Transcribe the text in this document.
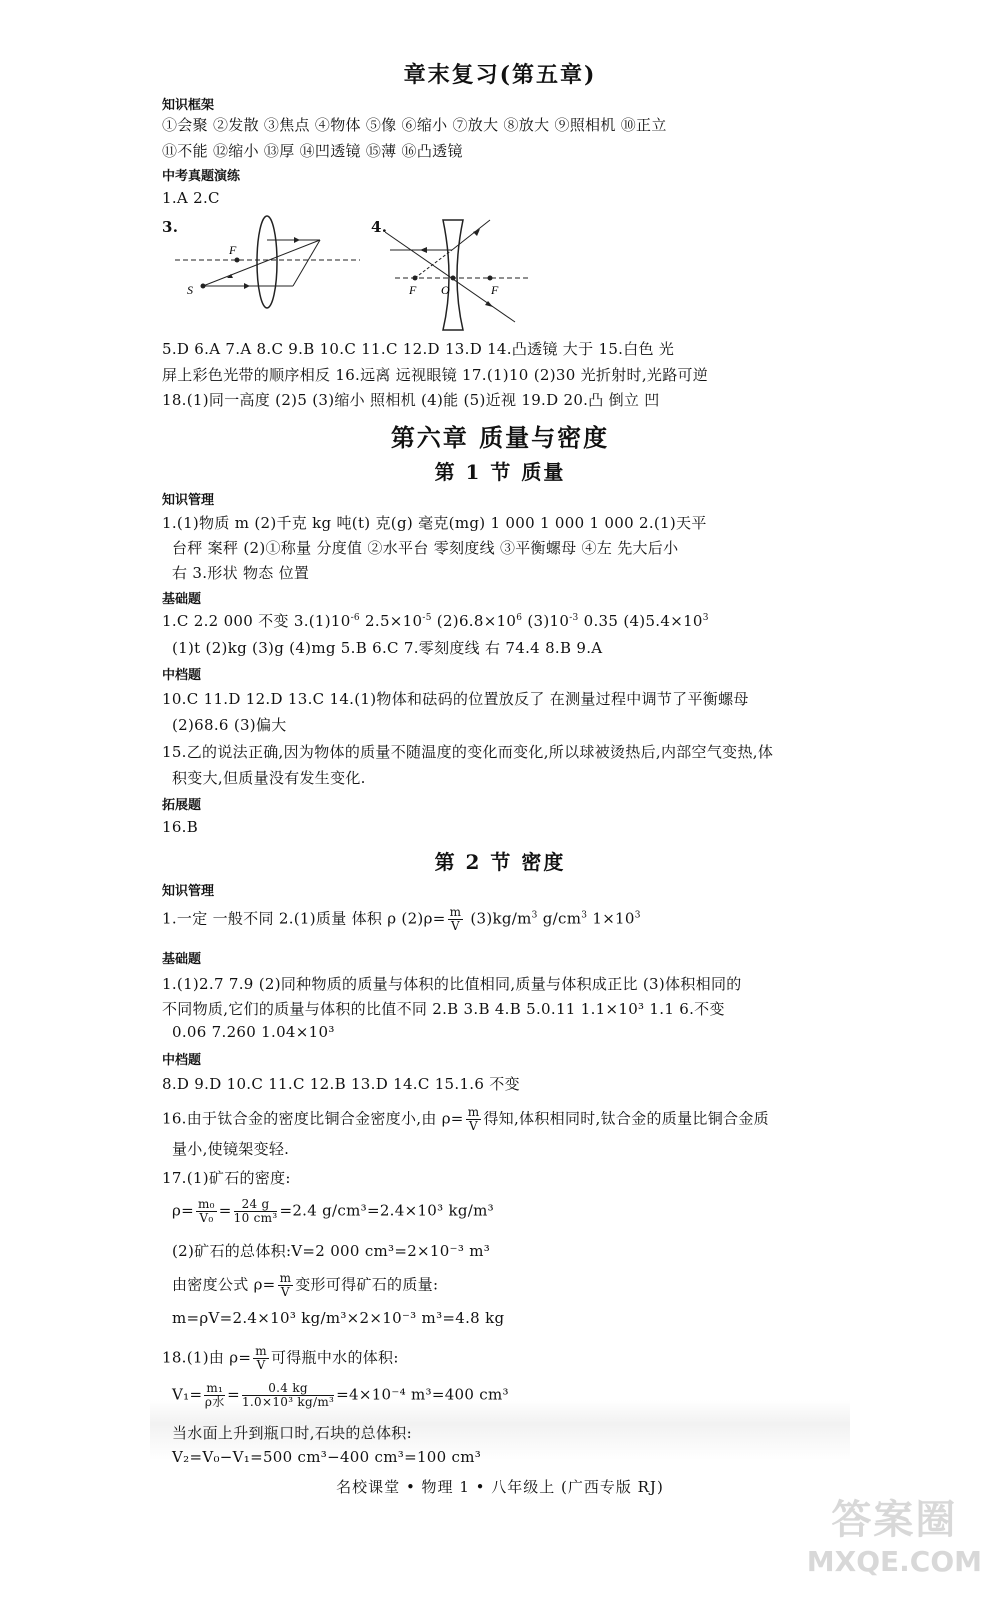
章末复习(第五章)
知识框架
①会聚 ②发散 ③焦点 ④物体 ⑤像 ⑥缩小 ⑦放大 ⑧放大 ⑨照相机 ⑩正立
⑪不能 ⑫缩小 ⑬厚 ⑭凹透镜 ⑮薄 ⑯凸透镜
中考真题演练
1.A 2.C
3.
F
S
4.
F O	F
5.D 6.A 7.A 8.C 9.B 10.C 11.C 12.D 13.D 14.凸透镜 大于 15.白色 光
屏上彩色光带的顺序相反 16.远离 远视眼镜 17.(1)10 (2)30 光折射时,光路可逆
18.(1)同一高度 (2)5 (3)缩小 照相机 (4)能 (5)近视 19.D 20.凸 倒立 凹
第六章 质量与密度
第 1 节 质量
知识管理
1.(1)物质 m (2)千克 kg 吨(t) 克(g) 毫克(mg) 1 000 1 000 1 000 2.(1)天平
台秤 案秤 (2)①称量 分度值 ②水平台 零刻度线 ③平衡螺母 ④左 先大后小
右 3.形状 物态 位置
基础题
1.C 2.2 000 不变 $3.(1)10^{-6}$ $2.5\times 10^{-5}$ $(2)6.8\times 10^6$ $(3)10^{-3}$ 0.35 $(4)5.4\times 10^3$
(1)t (2)kg (3)g (4)mg 5.B 6.C 7.零刻度线 右 74.4 8.B 9.A
中档题
10.C 11.D 12.D 13.C 14.(1)物体和砝码的位置放反了 在测量过程中调节了平衡螺母
(2)68.6 (3)偏大
15.乙的说法正确,因为物体的质量不随温度的变化而变化,所以球被烫热后,内部空气变热,体
积变大,但质量没有发生变化.
拓展题
16.B
第 2 节 密度
知识管理
1.一定 一般不同 2.(1)质量 体积 ρ $(2)\rho= \frac{m}{V} (3)kg/m^3$ $g/cm^3$ $1\times 10^3$
基础题
1.(1)2.7 7.9 (2)同种物质的质量与体积的比值相同,质量与体积成正比 (3)体积相同的
不同物质,它们的质量与体积的比值不同 2.B 3.B 4.B 5.0.11 1.1×10³ 1.1 6.不变
0.06 7.260 1.04×10³
中档题
8.D 9.D 10.C 11.C 12.B 13.D 14.C 15.1.6 不变
16.由于钛合金的密度比铜合金密度小,由 $\rho= \frac{m}{V}$ 得知,体积相同时,钛合金的质量比铜合金质
量小,使镜架变轻.
17.(1)矿石的密度:
$\rho= \frac{\text{m₀}}{\text{V₀}} = \frac{24 g}{\text{10 cm³}} =2.4$ g/cm³=2.4×10³ kg/m³
(2)矿石的总体积:V=2 000 cm³=2×10⁻³ m³
由密度公式 $\rho= \frac{m}{V}$ 变形可得矿石的质量:
m=ρV=2.4×10³ kg/m³×2×10⁻³ m³=4.8 kg
18.(1)由 $\rho= \frac{m}{V}$ 可得瓶中水的体积:
$V_1= \frac{\text{m₁}}{\text{ρ水}} = \frac{0.4 kg}{\text{1.0×10³ kg/m³}} =4\times 10^{-4}$ m³=400 cm³
当水面上升到瓶口时,石块的总体积:
V₂=V₀−V₁=500 cm³−400 cm³=100 cm³
名校课堂 • 物理 1 • 八年级上 (广西专版 RJ)
答案圈
MXQE.COM
